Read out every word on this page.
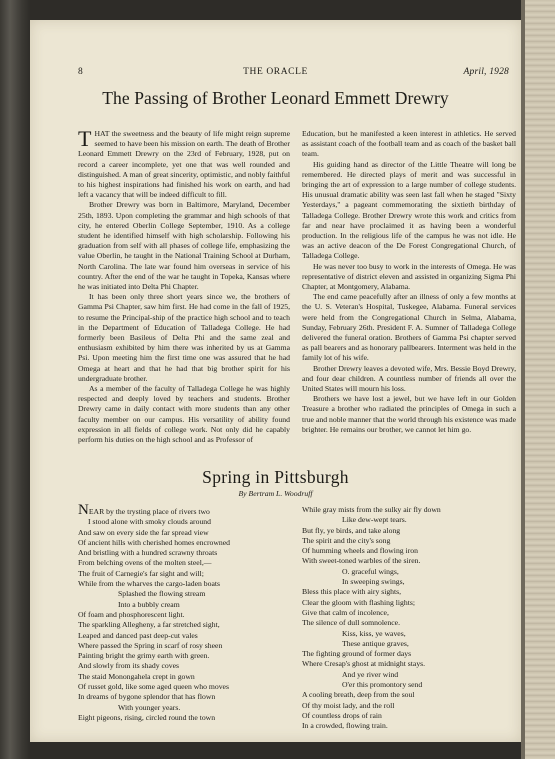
8	THE ORACLE	April, 1928
The Passing of Brother Leonard Emmett Drewry

THAT the sweetness and the beauty of life might reign supreme seemed to have been his mission on earth. The death of Brother Leonard Emmett Drewry on the 23rd of February, 1928, put on record a career incomplete, yet one that was well rounded and distinguished. A man of great sincerity, optimistic, and nobly faithful to his highest inspirations had finished his work on earth, and had left a vacancy that will be indeed difficult to fill.

Brother Drewry was born in Baltimore, Maryland, December 25th, 1893. Upon completing the grammar and high schools of that city, he entered Oberlin College September, 1910. As a college student he identified himself with high scholarship. Following his graduation from self with all phases of college life, emphasizing the value Oberlin, he taught in the National Training School at Durham, North Carolina. The late war found him overseas in service of his country. After the end of the war he taught in Topeka, Kansas where he was initiated into Delta Phi Chapter.

It has been only three short years since we, the brothers of Gamma Psi Chapter, saw him first. He had come in the fall of 1925, to resume the Principal-ship of the practice high school and to teach in the Department of Education of Talladega College. He had formerly been Basileus of Delta Phi and the same zeal and enthusiasm exhibited by him there was inherited by us at Gamma Psi. Upon meeting him the first time one was assured that he had Omega at heart and that he had that big brother spirit for his undergraduate brother.

As a member of the faculty of Talladega College he was highly respected and deeply loved by teachers and students. Brother Drewry came in daily contact with more students than any other faculty member on our campus. His versatility of ability found expression in all fields of college work. Not only did he capably perform his duties on the high school and as Professor of

Education, but he manifested a keen interest in athletics. He served as assistant coach of the football team and as coach of the basket ball team.

His guiding hand as director of the Little Theatre will long be remembered. He directed plays of merit and was successful in bringing the art of expression to a large number of college students. His unusual dramatic ability was seen last fall when he staged "Sixty Yesterdays," a pageant commemorating the sixtieth birthday of Talladega College. Brother Drewry wrote this work and critics from far and near have proclaimed it as having been a wonderful production. In the religious life of the campus he was not idle. He was an active deacon of the De Forest Congregational Church, of Talladega College.

He was never too busy to work in the interests of Omega. He was representative of district eleven and assisted in organizing Sigma Phi Chapter, at Montgomery, Alabama.

The end came peacefully after an illness of only a few months at the U. S. Veteran's Hospital, Tuskegee, Alabama. Funeral services were held from the Congregational Church in Selma, Alabama, Sunday, February 26th. President F. A. Sumner of Talladega College delivered the funeral oration. Brothers of Gamma Psi chapter served as pall bearers and as honorary pallbearers. Interment was held in the family lot of his wife.

Brother Drewry leaves a devoted wife, Mrs. Bessie Boyd Drewry, and four dear children. A countless number of friends all over the United States will mourn his loss.

Brothers we have lost a jewel, but we have left in our Golden Treasure a brother who radiated the principles of Omega in such a true and noble manner that the world through his existence was made brighter. He remains our brother, we cannot let him go.

Spring in Pittsburgh
By Bertram L. Woodruff
NEAR by the trysting place of rivers two
I stood alone with smoky clouds around
And saw on every side the far spread view
Of ancient hills with cherished homes encrowned
And bristling with a hundred scrawny throats
From belching ovens of the molten steel,—
The fruit of Carnegie's far sight and will;
While from the wharves the cargo-laden boats
Splashed the flowing stream
Into a bubbly cream
Of foam and phosphorescent light.
The sparkling Allegheny, a far stretched sight,
Leaped and danced past deep-cut vales
Where passed the Spring in scarf of rosy sheen
Painting bright the grimy earth with green.
And slowly from its shady coves
The staid Monongahela crept in gown
Of russet gold, like some aged queen who moves
In dreams of bygone splendor that has flown
With younger years.
Eight pigeons, rising, circled round the town
While gray mists from the sulky air fly down
Like dew-wept tears.
But fly, ye birds, and take along
The spirit and the city's song
Of humming wheels and flowing iron
With sweet-toned warbles of the siren.
O. graceful wings,
In sweeping swings,
Bless this place with airy sights,
Clear the gloom with flashing lights;
Give that calm of incolence,
The silence of dull somnolence.
Kiss, kiss, ye waves,
These antique graves,
The fighting ground of former days
Where Cresap's ghost at midnight stays.
And ye river wind
O'er this promontory send
A cooling breath, deep from the soul
Of thy moist lady, and the roll
Of countless drops of rain
In a crowded, flowing train.
